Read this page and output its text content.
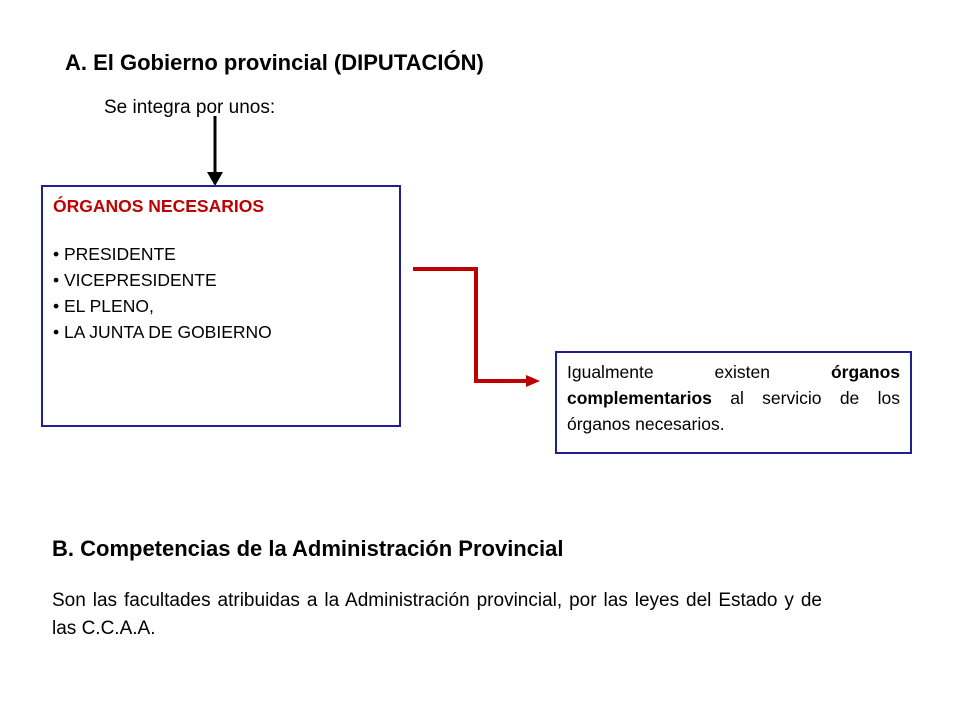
A. El Gobierno provincial (DIPUTACIÓN)
Se integra por unos:
ÓRGANOS NECESARIOS
• PRESIDENTE
• VICEPRESIDENTE
• EL PLENO,
• LA JUNTA DE GOBIERNO
Igualmente existen órganos complementarios al servicio de los órganos necesarios.
B. Competencias de la Administración Provincial
Son las facultades atribuidas a la Administración provincial, por las leyes del Estado y de las C.C.A.A.
